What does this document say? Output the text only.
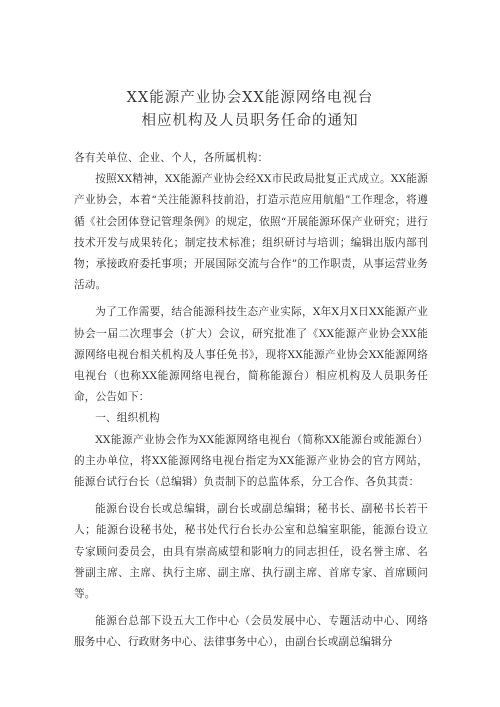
XX能源产业协会XX能源网络电视台
相应机构及人员职务任命的通知

各有关单位、企业、个人，各所属机构：

按照XX精神，XX能源产业协会经XX市民政局批复正式成立。XX能源产业协会，本着“关注能源科技前沿，打造示范应用航船”工作理念，将遵循《社会团体登记管理条例》的规定，依照“开展能源环保产业研究；进行技术开发与成果转化；制定技术标准；组织研讨与培训；编辑出版内部刊物；承接政府委托事项；开展国际交流与合作”的工作职责，从事运营业务活动。

为了工作需要，结合能源科技生态产业实际，X年X月X日XX能源产业协会一届二次理事会（扩大）会议，研究批准了《XX能源产业协会XX能源网络电视台相关机构及人事任免书》，现将XX能源产业协会XX能源网络电视台（也称XX能源网络电视台，简称能源台）相应机构及人员职务任命，公告如下：

一、组织机构

XX能源产业协会作为XX能源网络电视台（简称XX能源台或能源台）的主办单位，将XX能源网络电视台指定为XX能源产业协会的官方网站，能源台试行台长（总编辑）负责制下的总监体系，分工合作、各负其责：

能源台设台长或总编辑，副台长或副总编辑；秘书长、副秘书长若干人；能源台设秘书处，秘书处代行台长办公室和总编室职能，能源台设立专家顾问委员会，由具有崇高威望和影响力的同志担任，设名誉主席、名誉副主席、主席、执行主席、副主席、执行副主席、首席专家、首席顾问等。

能源台总部下设五大工作中心（会员发展中心、专题活动中心、网络服务中心、行政财务中心、法律事务中心），由副台长或副总编辑分
